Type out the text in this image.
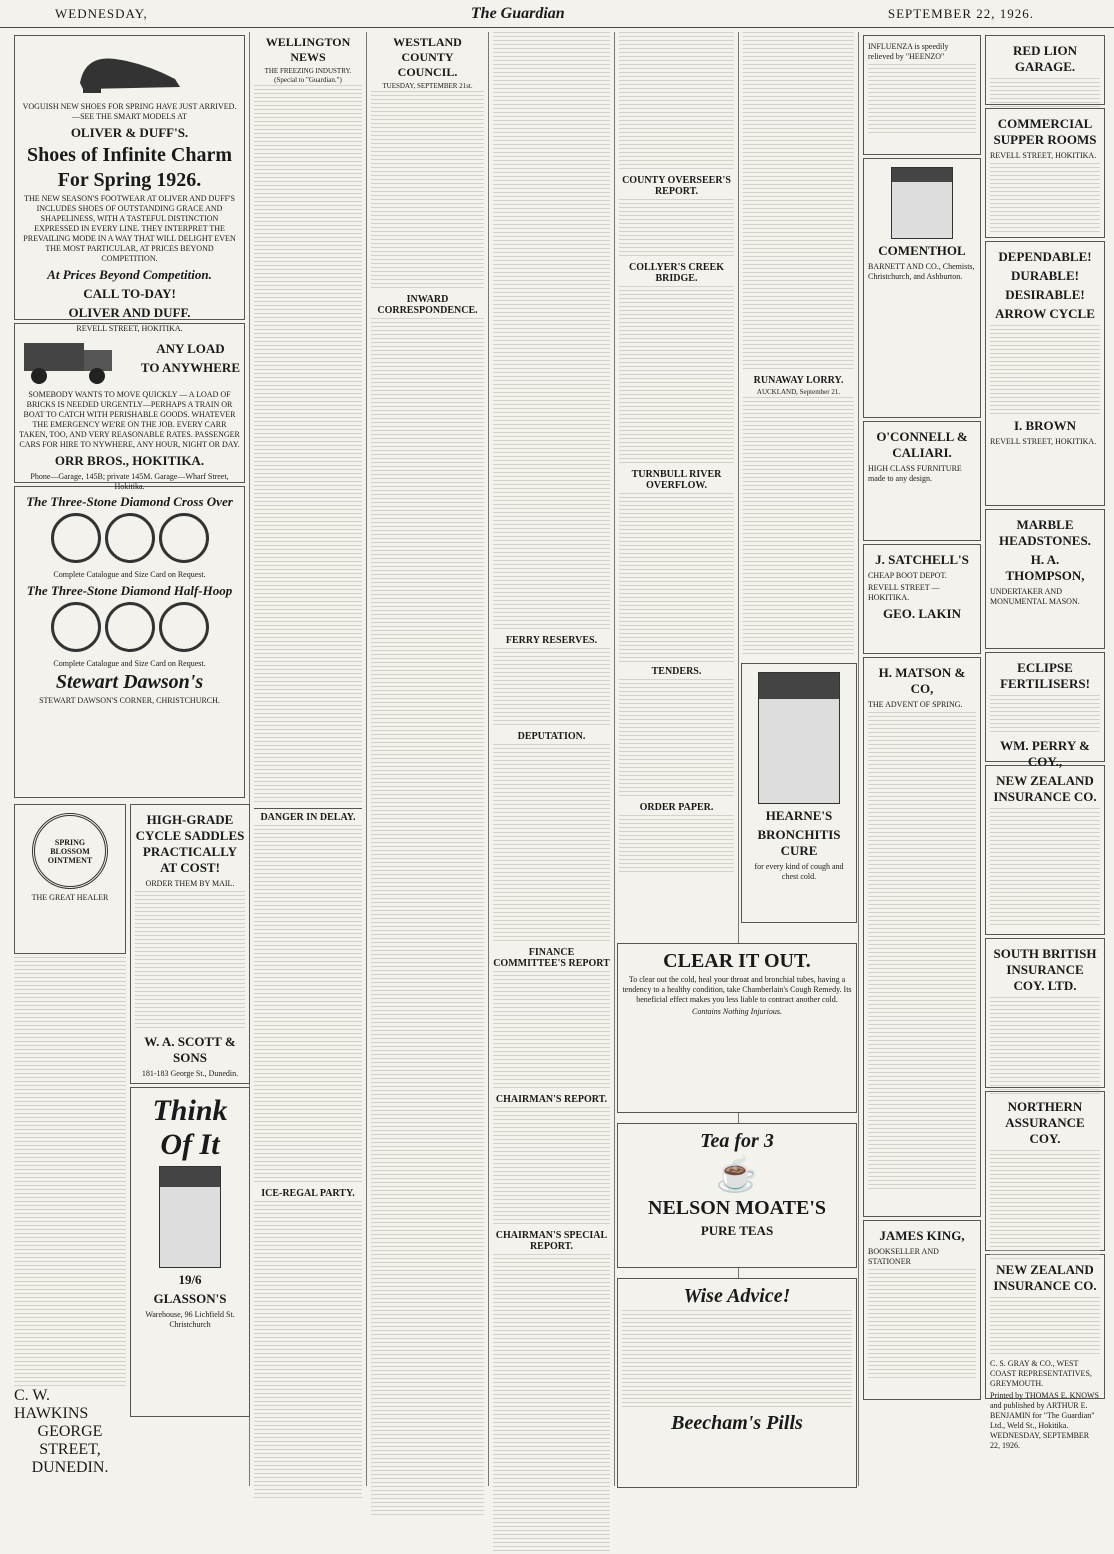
WEDNESDAY,	The Guardian	SEPTEMBER 22, 1926.
VOGUISH NEW SHOES FOR SPRING HAVE JUST ARRIVED.—SEE THE SMART MODELS AT
OLIVER & DUFF'S.
Shoes of Infinite Charm
For Spring 1926.
THE NEW SEASON'S FOOTWEAR AT OLIVER AND DUFF'S INCLUDES SHOES OF OUTSTANDING GRACE AND SHAPELINESS, WITH A TASTEFUL DISTINCTION EXPRESSED IN EVERY LINE. THEY INTERPRET THE PREVAILING MODE IN A WAY THAT WILL DELIGHT EVEN THE MOST PARTICULAR, AT PRICES BEYOND COMPETITION.
At Prices Beyond Competition.
CALL TO-DAY!
OLIVER AND DUFF.
REVELL STREET, HOKITIKA.
ANY LOAD
TO ANYWHERE
SOMEBODY WANTS TO MOVE QUICKLY — A LOAD OF BRICKS IS NEEDED URGENTLY—PERHAPS A TRAIN OR BOAT TO CATCH WITH PERISHABLE GOODS. WHATEVER THE EMERGENCY WE'RE ON THE JOB. EVERY CARR TAKEN, TOO, AND VERY REASONABLE RATES. PASSENGER CARS FOR HIRE TO NYWHERE, ANY HOUR, NIGHT OR DAY.
ORR BROS., HOKITIKA.
Phone—Garage, 145B; private 145M. Garage—Wharf Street, Hokitika.
The Three-Stone Diamond Cross Over

Complete Catalogue and Size Card on Request.
The Three-Stone Diamond Half-Hoop

Complete Catalogue and Size Card on Request.
Stewart Dawson's
STEWART DAWSON'S CORNER, CHRISTCHURCH.
SPRING BLOSSOM OINTMENT
THE GREAT HEALER
C. W. HAWKINS
GEORGE STREET, DUNEDIN.
HIGH-GRADE CYCLE SADDLES PRACTICALLY AT COST!
ORDER THEM BY MAIL.
W. A. SCOTT & SONS
181-183 George St., Dunedin.
Think Of It
19/6
GLASSON'S
Warehouse, 96 Lichfield St. Christchurch
WELLINGTON NEWS
THE FREEZING INDUSTRY.
(Special to "Guardian.")
DANGER IN DELAY.
ICE-REGAL PARTY.
WESTLAND COUNTY COUNCIL.
TUESDAY, SEPTEMBER 21st.
INWARD CORRESPONDENCE.
FERRY RESERVES.
DEPUTATION.
FINANCE COMMITTEE'S REPORT
CHAIRMAN'S REPORT.
CHAIRMAN'S SPECIAL REPORT.
COUNTY OVERSEER'S REPORT.
COLLYER'S CREEK BRIDGE.
TURNBULL RIVER OVERFLOW.
TENDERS.
ORDER PAPER.
RUNAWAY LORRY.
AUCKLAND, September 21.
CLEAR IT OUT.
To clear out the cold, heal your throat and bronchial tubes, having a tendency to a healthy condition, take Chamberlain's Cough Remedy. Its beneficial effect makes you less liable to contract another cold.
Contains Nothing Injurious.
Tea for 3
☕
NELSON MOATE'S
PURE TEAS
Wise Advice!
Beecham's Pills
HEARNE'S
BRONCHITIS CURE
for every kind of cough and chest cold.
INFLUENZA is speedily relieved by "HEENZO"
COMENTHOL
BARNETT AND CO., Chemists, Christchurch, and Ashburton.
O'CONNELL & CALIARI.
HIGH CLASS FURNITURE made to any design.
J. SATCHELL'S
CHEAP BOOT DEPOT.
REVELL STREET — HOKITIKA.
GEO. LAKIN
H. MATSON & CO,
THE ADVENT OF SPRING.
JAMES KING,
BOOKSELLER AND STATIONER
RED LION GARAGE.
COMMERCIAL SUPPER ROOMS
REVELL STREET, HOKITIKA.
DEPENDABLE!
DURABLE!
DESIRABLE!
ARROW CYCLE
I. BROWN
REVELL STREET, HOKITIKA.
MARBLE HEADSTONES.
H. A. THOMPSON,
UNDERTAKER AND MONUMENTAL MASON.
ECLIPSE FERTILISERS!
WM. PERRY & COY.,
NEW ZEALAND INSURANCE CO.
SOUTH BRITISH INSURANCE COY. LTD.
NORTHERN ASSURANCE COY.
NEW ZEALAND INSURANCE CO.
C. S. GRAY & CO., WEST COAST REPRESENTATIVES, GREYMOUTH.
Printed by THOMAS E. KNOWS and published by ARTHUR E. BENJAMIN for "The Guardian" Ltd., Weld St., Hokitika. WEDNESDAY, SEPTEMBER 22, 1926.
